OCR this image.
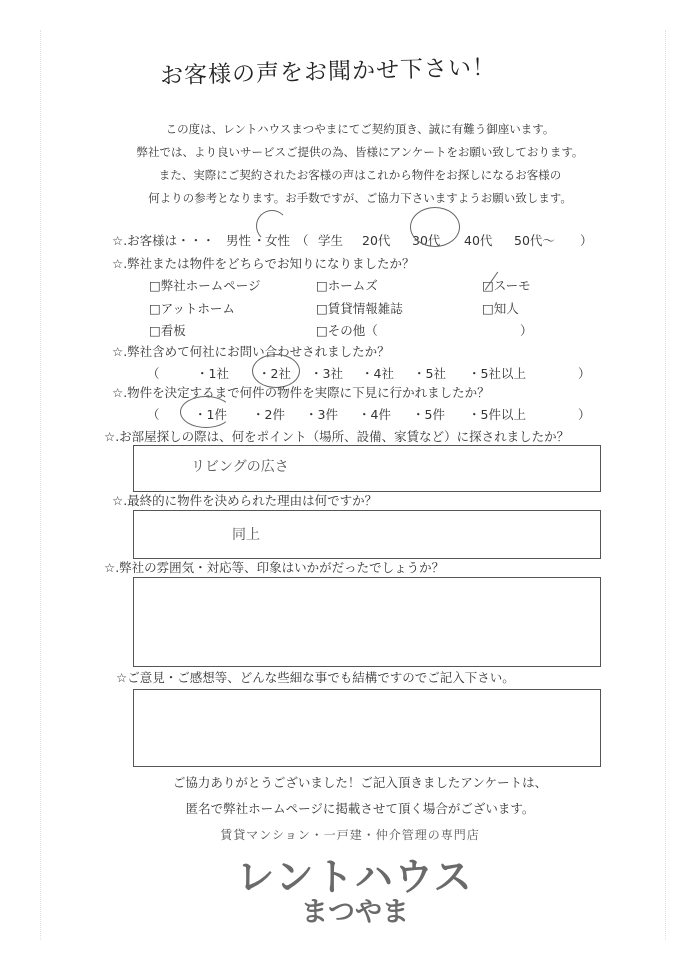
お客様の声をお聞かせ下さい！
この度は、レントハウスまつやまにてご契約頂き、誠に有難う御座います。
弊社では、より良いサービスご提供の為、皆様にアンケートをお願い致しております。
また、実際にご契約されたお客様の声はこれから物件をお探しになるお客様の
何よりの参考となります。お手数ですが、ご協力下さいますようお願い致します。
☆.お客様は・・・ 男性 ・ 女性 （ 学生 20代 30代 40代 50代～ ）
☆.弊社または物件をどちらでお知りになりましたか？
□弊社ホームページ	□ホームズ	□スーモ
□アットホーム	□賃貸情報雑誌	□知人
□看板	□その他（	）
☆.弊社含めて何社にお問い合わせされましたか？
（	・1社 ・2社 ・3社 ・4社 ・5社 ・5社以上	）
☆.物件を決定するまで何件の物件を実際に下見に行かれましたか？
（	・1件 ・2件 ・3件 ・4件 ・5件 ・5件以上	）
☆.お部屋探しの際は、何をポイント（場所、設備、家賃など）に探されましたか？
リビングの広さ
☆.最終的に物件を決められた理由は何ですか？
同上
☆.弊社の雰囲気・対応等、印象はいかがだったでしょうか？
☆ご意見・ご感想等、どんな些細な事でも結構ですのでご記入下さい。
ご協力ありがとうございました！ご記入頂きましたアンケートは、
匿名で弊社ホームページに掲載させて頂く場合がございます。
賃貸マンション・一戸建・仲介管理の専門店
レントハウス
まつやま
